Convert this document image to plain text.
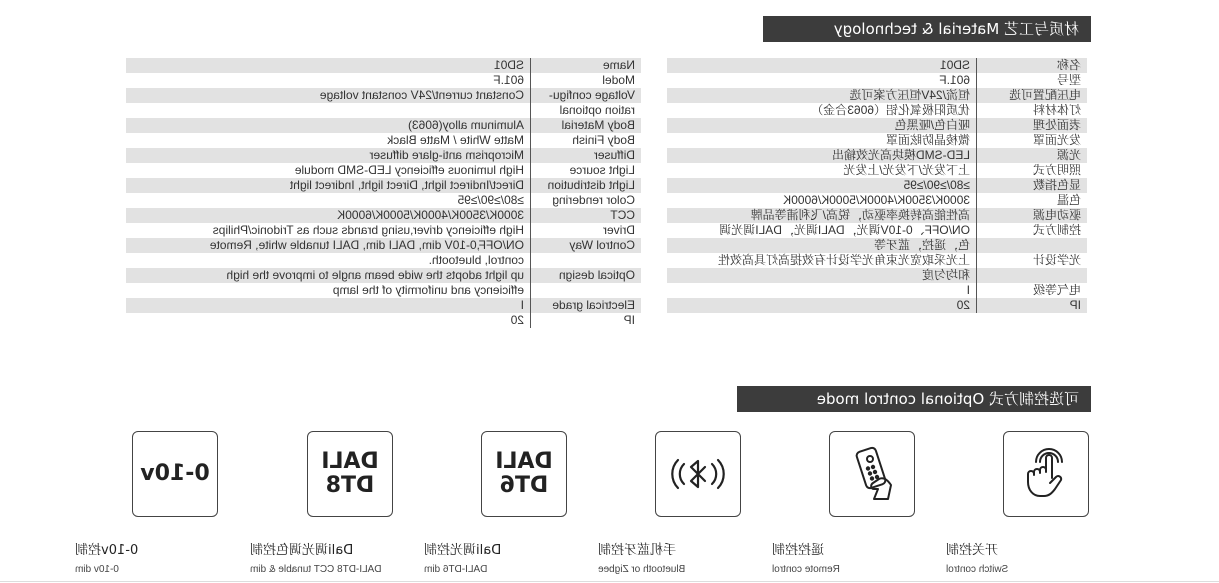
材质与工艺 Material & technology
名称	SD01
型号	601.F
电压配置可选	恒流/24V恒压方案可选
灯体材料	优质阳极氧化铝（6063合金）
表面处理	哑白色/哑黑色
发光面罩	微棱晶防眩面罩
光源	LED-SMD模块高光效输出
照明方式	上下发光/下发光/上发光
显色指数	≥80/≥90/≥95
色温	3000K/3500K/4000K/5000K/6000K
驱动电源	高性能高转换率驱动，锐高/飞利浦等品牌
控制方式	ON/OFF、0-10V调光，DALI调光，DALI调光调
	色，遥控，蓝牙等
光学设计	上光采取宽光束角光学设计有效提高灯具高效性
	和均匀度
电气等级	I
IP	20
Name	SD01
Model	601.F
Voltage configu-	Constant current/24V constant voltage
ration optional	
Body Material	Aluminum alloy(6063)
Body Finish	Matte White / Matte Black
Diffuser	Microprism anti-glare diffuser
Light source	High luminous efficiency LED-SMD module
Light distribution	Direct/Indirect light, Direct light, Indirect light
Color rendering	≥80/≥90/≥95
CCT	3000K/3500K/4000K/5000K/6000K
Driver	High efficiency driver,using brands such as Tridonic/Philips
Control Way	ON/OFF,0-10V dim, DALI dim, DALI tunable white, Remote
	control, bluetooth.
Optical design	up light adopts the wide beam angle to improve the high
	efficiency and uniformity of the lamp
Electrical grade	I
IP	20
可选控制方式 Optional control mode
开关控制
Switch control
遥控控制
Remote control
手机蓝牙控制
Bluetooth or Zigbee
DALI DT6
Dali调光控制
DALI-DT6 dim
DALI DT8
Dali调光调色控制
DALI-DT8 CCT tunable & dim
0-10v
0-10v控制
0-10v dim
